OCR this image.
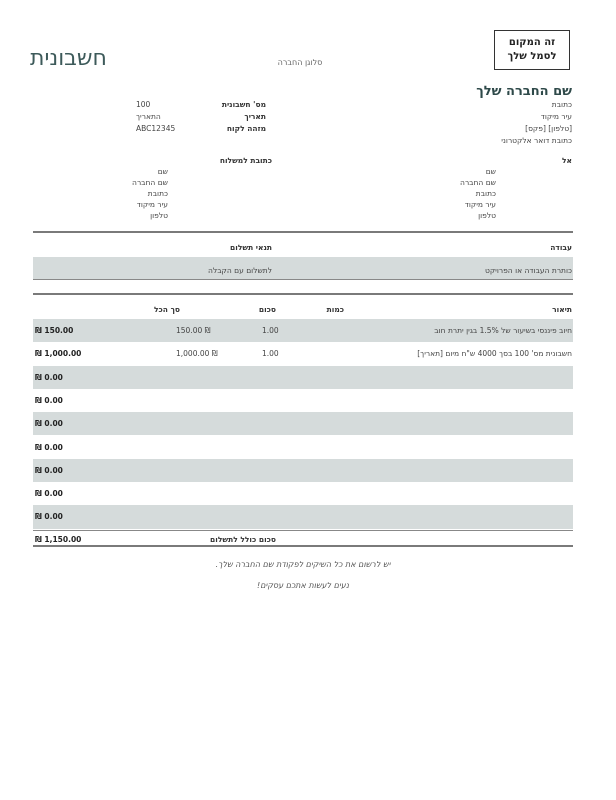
זה המקום
לסמל שלך
חשבונית	סלוגן החברה
שם החברה שלך
כתובת
עיר מיקוד
[טלפון] [פקס]
כתובת דואר אלקטרוני
מס' חשבונית
100
תאריך
התאריך
מזהה לקוח
ABC12345
אל
שם
שם החברה
כתובת
עיר מיקוד
טלפון
כתובת למשלוח
שם
שם החברה
כתובת
עיר מיקוד
טלפון
עבודה
תנאי תשלום
כותרת העבודה או הפרויקט
לתשלום עם הקבלה
תיאור
כמות
סכום
סך הכל
חיוב פיננסי בשיעור של 1.5% בגין יתרת חוב
1.00
150.00 ₪
₪ 150.00
חשבונית מס' 100 בסך 4000 ש"ח מיום [תאריך]
1.00
1,000.00 ₪
₪ 1,000.00
₪ 0.00
₪ 0.00
₪ 0.00
₪ 0.00
₪ 0.00
₪ 0.00
₪ 0.00
סכום כולל לתשלום
₪ 1,150.00
יש לרשום את כל השיקים לפקודת שם החברה שלך.
נעים לעשות אתכם עסקים!
